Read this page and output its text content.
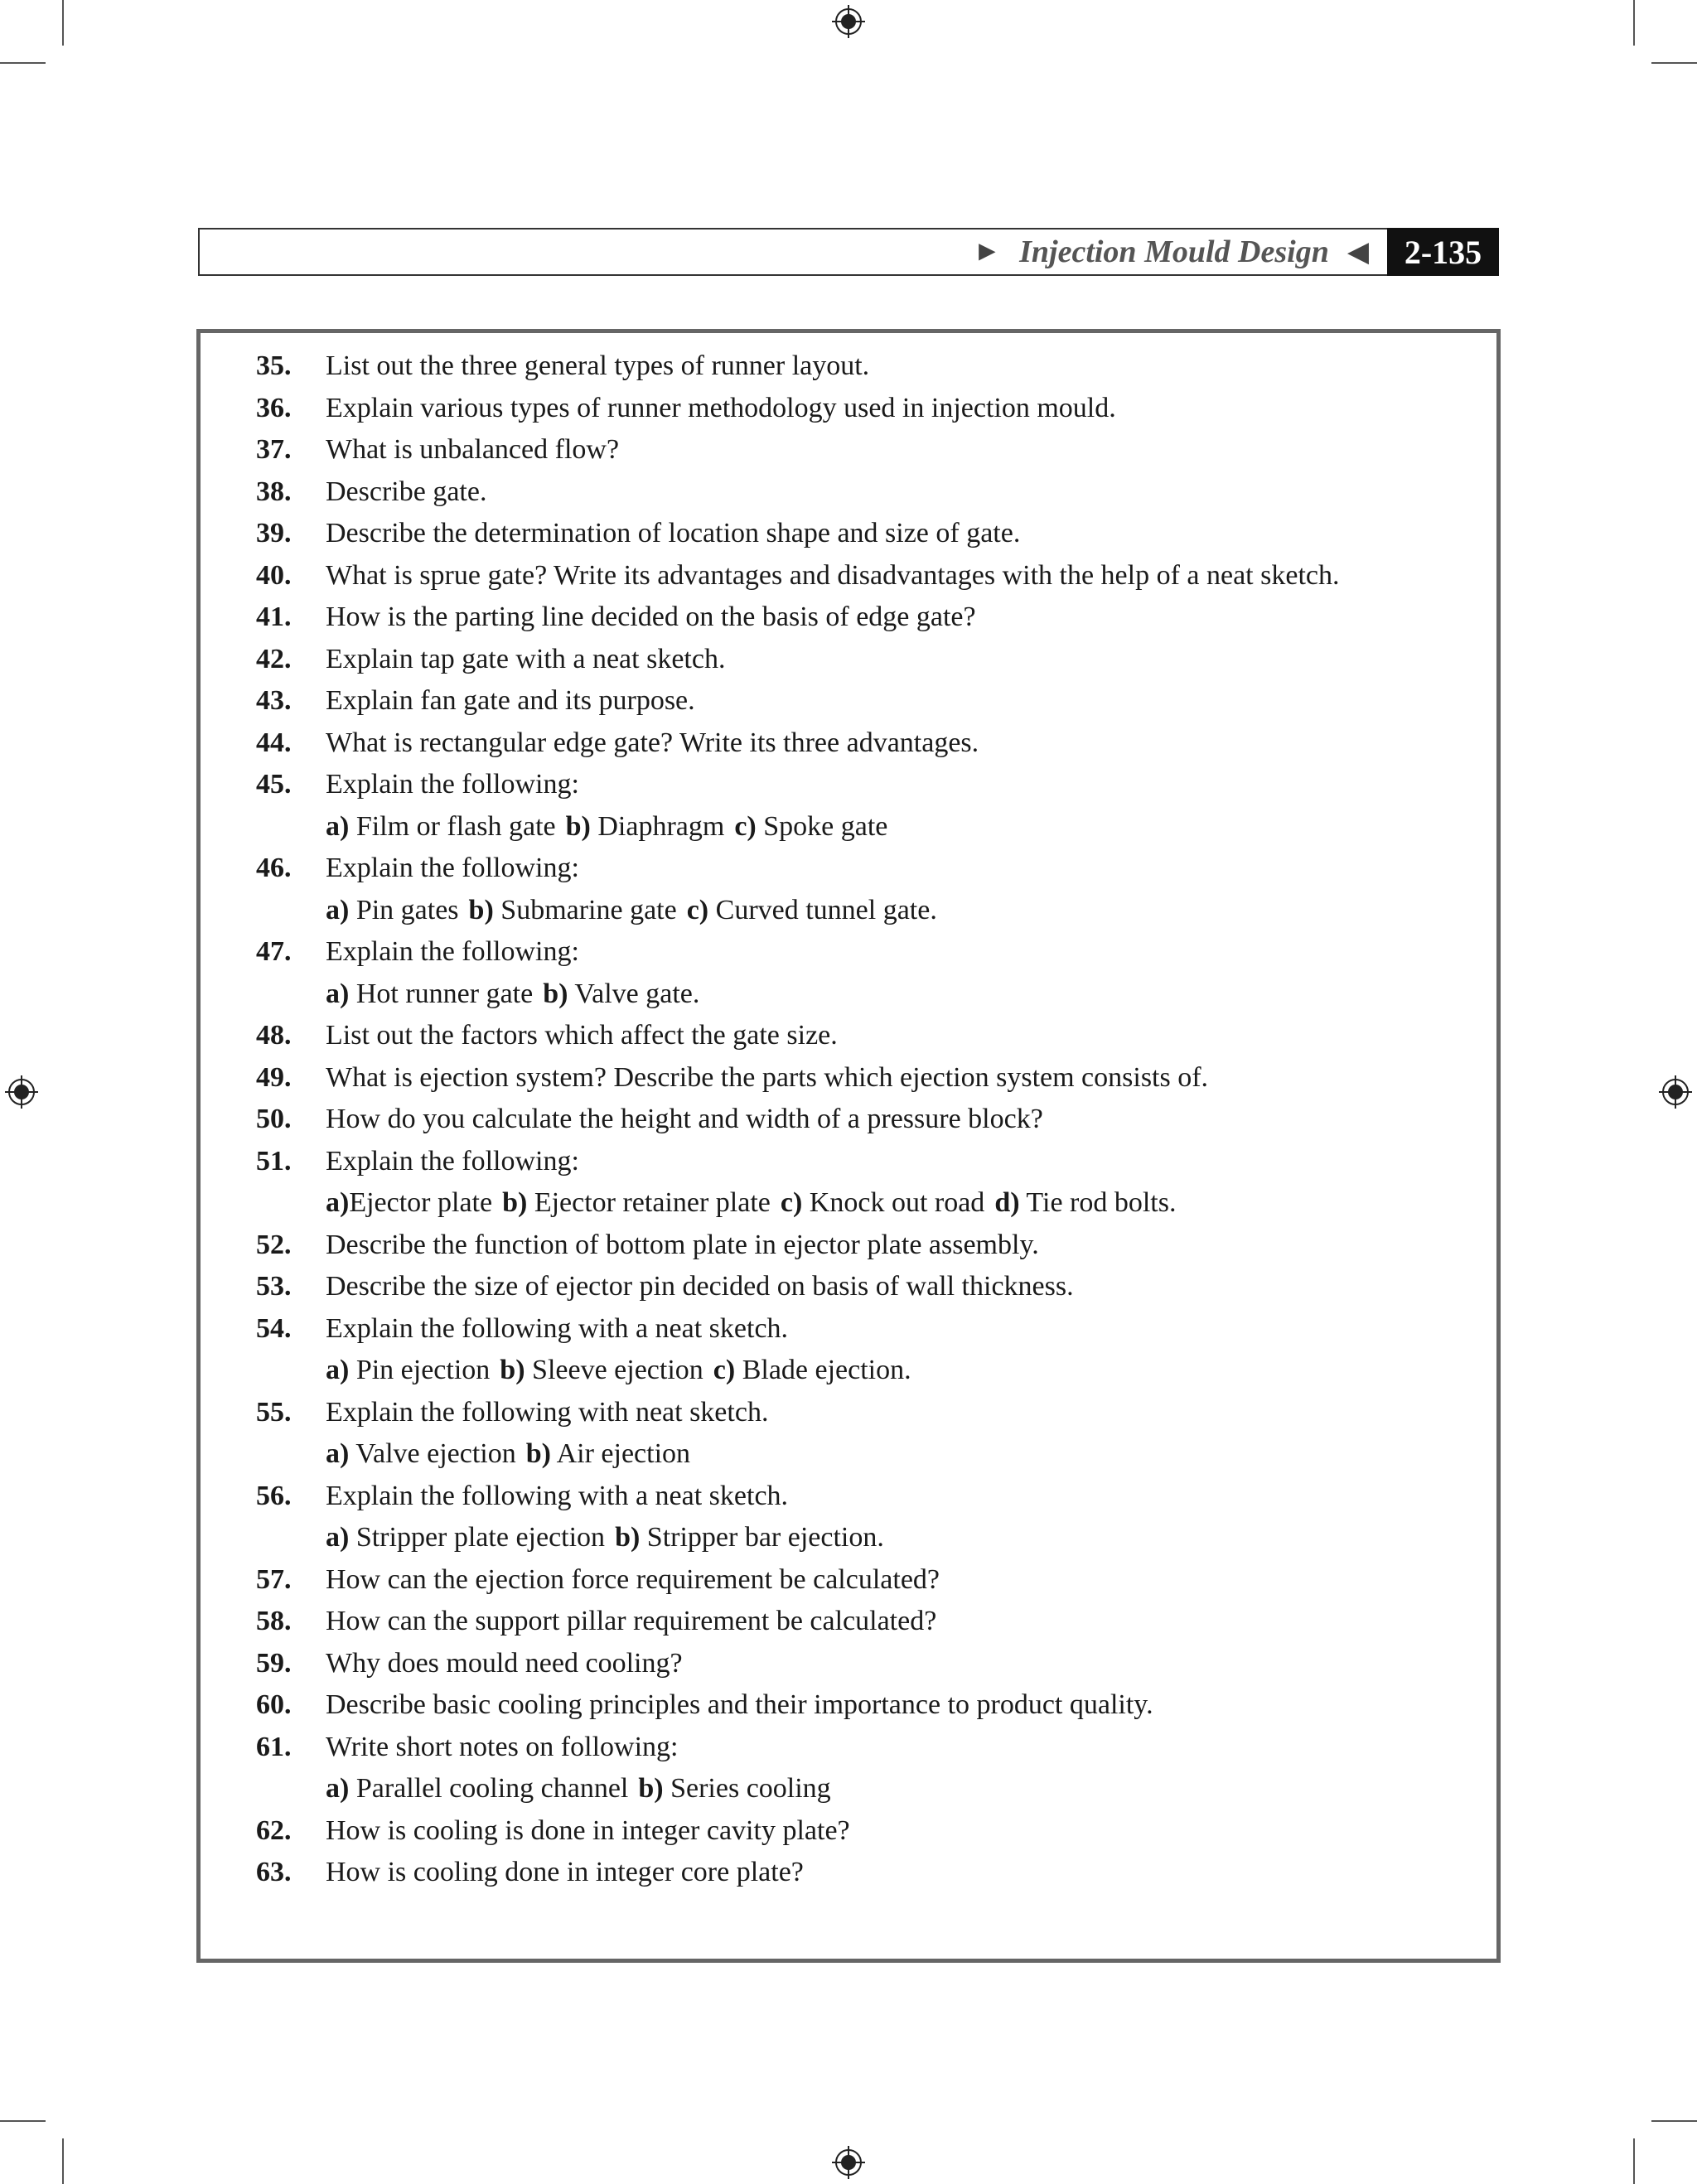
► Injection Mould Design ◀	2-135
35.	List out the three general types of runner layout.
36.	Explain various types of runner methodology used in injection mould.
37.	What is unbalanced flow?
38.	Describe gate.
39.	Describe the determination of location shape and size of gate.
40.	What is sprue gate? Write its advantages and disadvantages with the help of a neat sketch.
41.	How is the parting line decided on the basis of edge gate?
42.	Explain tap gate with a neat sketch.
43.	Explain fan gate and its purpose.
44.	What is rectangular edge gate? Write its three advantages.
45.	Explain the following:
a) Film or flash gate b) Diaphragm c) Spoke gate
46.	Explain the following:
a) Pin gates b) Submarine gate c) Curved tunnel gate.
47.	Explain the following:
a) Hot runner gate b) Valve gate.
48.	List out the factors which affect the gate size.
49.	What is ejection system? Describe the parts which ejection system consists of.
50.	How do you calculate the height and width of a pressure block?
51.	Explain the following:
a)Ejector plate b) Ejector retainer plate c) Knock out road d) Tie rod bolts.
52.	Describe the function of bottom plate in ejector plate assembly.
53.	Describe the size of ejector pin decided on basis of wall thickness.
54.	Explain the following with a neat sketch.
a) Pin ejection b) Sleeve ejection c) Blade ejection.
55.	Explain the following with neat sketch.
a) Valve ejection b) Air ejection
56.	Explain the following with a neat sketch.
a) Stripper plate ejection b) Stripper bar ejection.
57.	How can the ejection force requirement be calculated?
58.	How can the support pillar requirement be calculated?
59.	Why does mould need cooling?
60.	Describe basic cooling principles and their importance to product quality.
61.	Write short notes on following:
a) Parallel cooling channel b) Series cooling
62.	How is cooling is done in integer cavity plate?
63.	How is cooling done in integer core plate?
